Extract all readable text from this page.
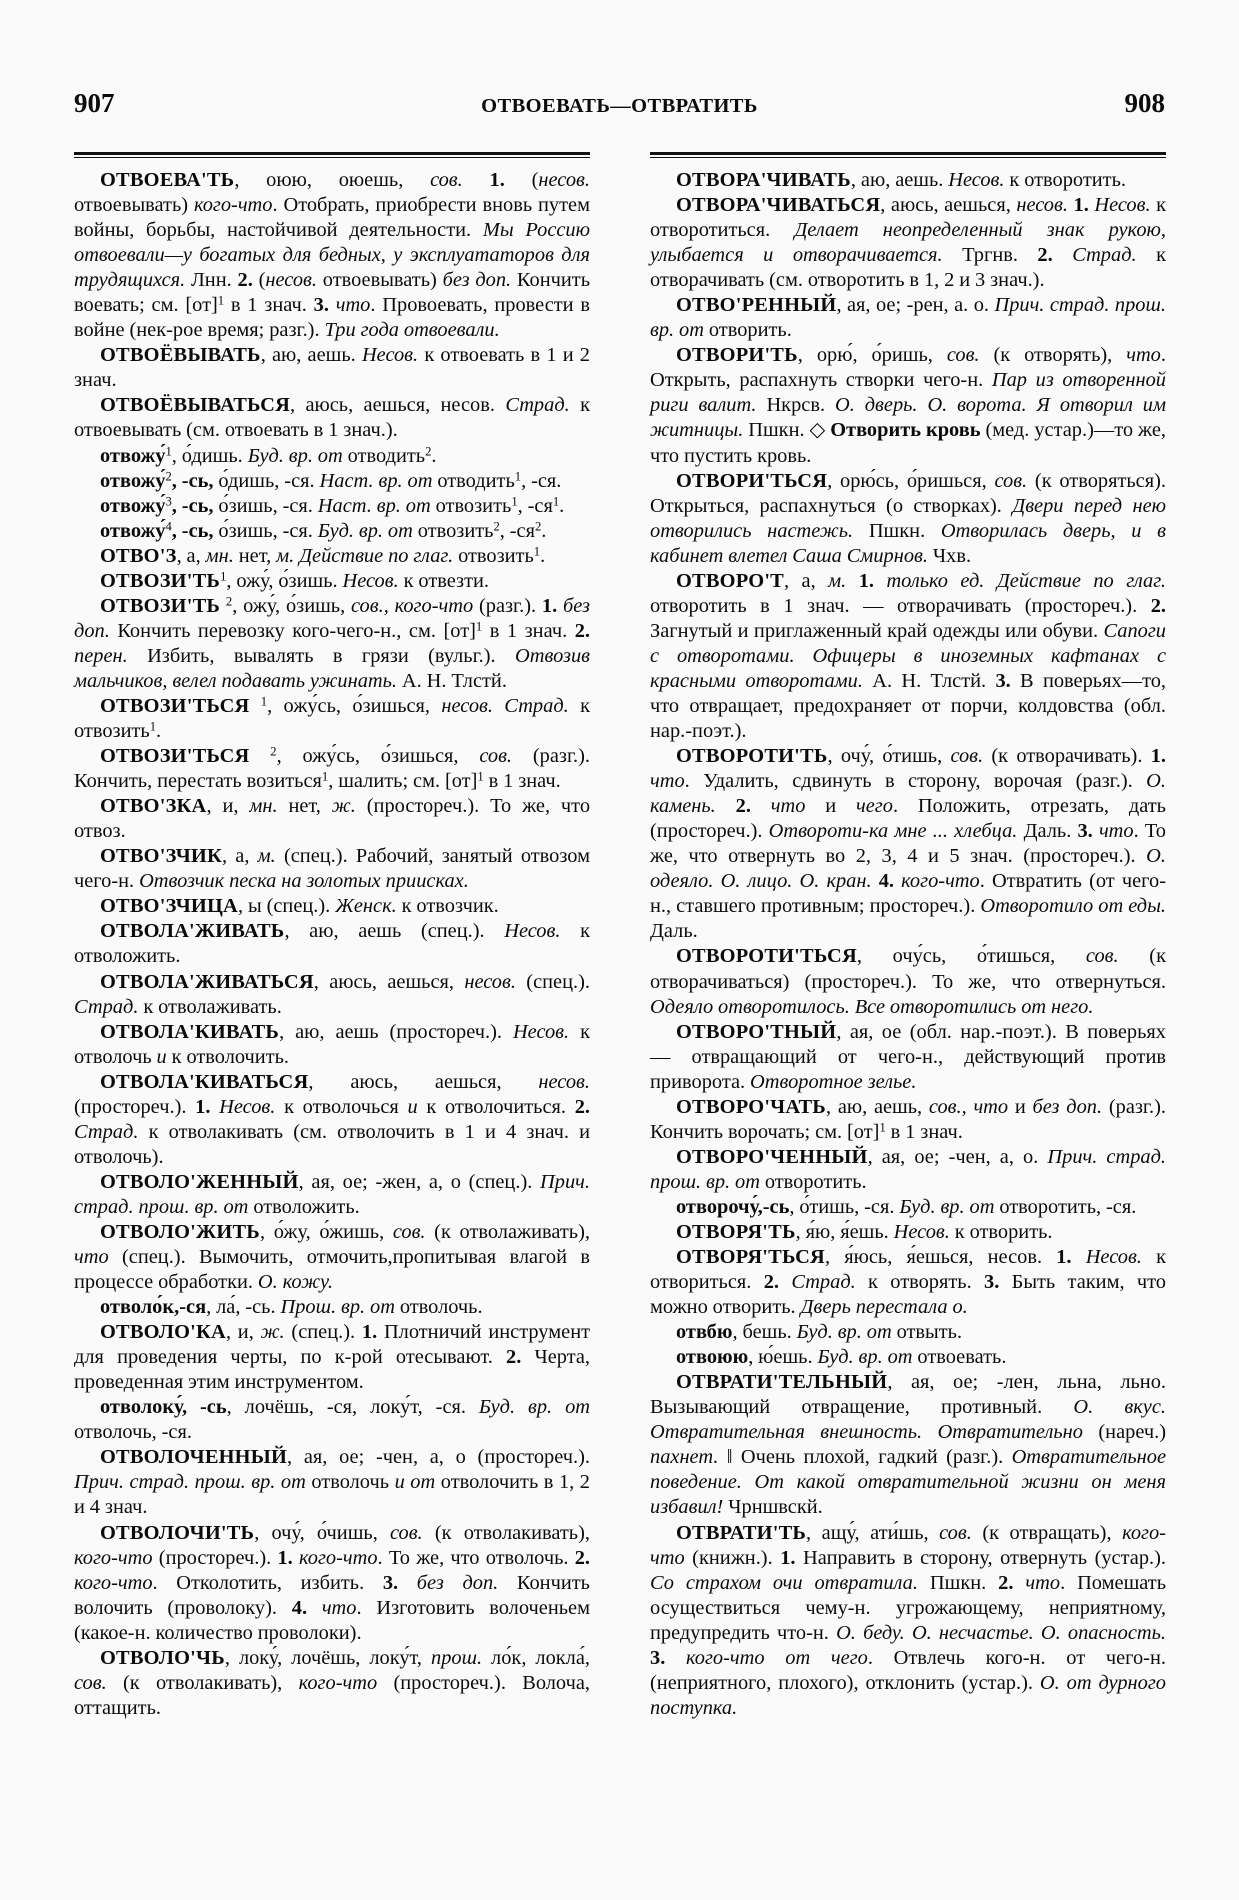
907	ОТВОЕВАТЬ—ОТВРАТИТЬ	908

ОТВОЕВА'ТЬ, оюю, оюешь, сов. 1. (несов. отвоевывать) кого-что. Отобрать, приобрести вновь путем войны, борьбы, настойчивой деятельности. Мы Россию отвоевали—у богатых для бедных, у эксплуататоров для трудящихся. Лнн. 2. (несов. отвоевывать) без доп. Кончить воевать; см. [от]$^1$ в 1 знач. 3. что. Провоевать, провести в войне (нек-рое время; разг.). Три года отвоевали.

ОТВОЁВЫВАТЬ, аю, аешь. Несов. к отвоевать в 1 и 2 знач.

ОТВОЁВЫВАТЬСЯ, аюсь, аешься, несов. Страд. к отвоевывать (см. отвоевать в 1 знач.).

отвожу́$^1$, о́дишь. Буд. вр. от отводить$^2$.

отвожу́$^2$, -сь, о́дишь, -ся. Наст. вр. от отводить$^1$, -ся.

отвожу́$^3$, -сь, о́зишь, -ся. Наст. вр. от отвозить$^1$, $-ся^1$.

отвожу́$^4$, -сь, о́зишь, -ся. Буд. вр. от отвозить$^2$, $-ся^2$.

ОТВО'З, а, мн. нет, м. Действие по глаг. отвозить$^1$.

$ОТВОЗИ'ТЬ^1$, ожу́, о́зишь. Несов. к отвезти.

ОТВОЗИ'ТЬ $^2$, ожу́, о́зишь, сов., кого-что (разг.). 1. без доп. Кончить перевозку кого-чего-н., см. [от]$^1$ в 1 знач. 2. перен. Избить, вывалять в грязи (вульг.). Отвозив мальчиков, велел подавать ужинать. А. Н. Тлстй.

ОТВОЗИ'ТЬСЯ $^1$, ожу́сь, о́зишься, несов. Страд. к отвозить$^1$.

ОТВОЗИ'ТЬСЯ $^2$, ожу́сь, о́зишься, сов. (разг.). Кончить, перестать возиться$^1$, шалить; см. [от]$^1$ в 1 знач.

ОТВО'ЗКА, и, мн. нет, ж. (простореч.). То же, что отвоз.

ОТВО'ЗЧИК, а, м. (спец.). Рабочий, занятый отвозом чего-н. Отвозчик песка на золотых приисках.

ОТВО'ЗЧИЦА, ы (спец.). Женск. к отвозчик.

ОТВОЛА'ЖИВАТЬ, аю, аешь (спец.). Несов. к отволожить.

ОТВОЛА'ЖИВАТЬСЯ, аюсь, аешься, несов. (спец.). Страд. к отволаживать.

ОТВОЛА'КИВАТЬ, аю, аешь (простореч.). Несов. к отволочь и к отволочить.

ОТВОЛА'КИВАТЬСЯ, аюсь, аешься, несов. (простореч.). 1. Несов. к отволочься и к отволочиться. 2. Страд. к отволакивать (см. отволочить в 1 и 4 знач. и отволочь).

ОТВОЛО'ЖЕННЫЙ, ая, ое; -жен, а, о (спец.). Прич. страд. прош. вр. от отволожить.

ОТВОЛО'ЖИТЬ, о́жу, о́жишь, сов. (к отволаживать), что (спец.). Вымочить, отмочить,пропитывая влагой в процессе обработки. О. кожу.

отволо́к,-ся, ла́, -сь. Прош. вр. от отволочь.

ОТВОЛО'КА, и, ж. (спец.). 1. Плотничий инструмент для проведения черты, по к-рой отесывают. 2. Черта, проведенная этим инструментом.

отволоку́, -сь, лочёшь, -ся, локу́т, -ся. Буд. вр. от отволочь, -ся.

ОТВОЛОЧЕННЫЙ, ая, ое; -чен, а, о (простореч.). Прич. страд. прош. вр. от отволочь и от отволочить в 1, 2 и 4 знач.

ОТВОЛОЧИ'ТЬ, очу́, о́чишь, сов. (к отволакивать), кого-что (простореч.). 1. кого-что. То же, что отволочь. 2. кого-что. Отколотить, избить. 3. без доп. Кончить волочить (проволоку). 4. что. Изготовить волоченьем (какое-н. количество проволоки).

ОТВОЛО'ЧЬ, локу́, лочёшь, локу́т, прош. ло́к, локла́, сов. (к отволакивать), кого-что (простореч.). Волоча, оттащить.

ОТВОРА'ЧИВАТЬ, аю, аешь. Несов. к отворотить.

ОТВОРА'ЧИВАТЬСЯ, аюсь, аешься, несов. 1. Несов. к отворотиться. Делает неопределенный знак рукою, улыбается и отворачивается. Тргнв. 2. Страд. к отворачивать (см. отворотить в 1, 2 и 3 знач.).

ОТВО'РЕННЫЙ, ая, ое; -рен, а. о. Прич. страд. прош. вр. от отворить.

ОТВОРИ'ТЬ, орю́, о́ришь, сов. (к отворять), что. Открыть, распахнуть створки чего-н. Пар из отворенной риги валит. Нкрсв. О. дверь. О. ворота. Я отворил им житницы. Пшкн. ◇ Отворить кровь (мед. устар.)—то же, что пустить кровь.

ОТВОРИ'ТЬСЯ, орю́сь, о́ришься, сов. (к отворяться). Открыться, распахнуться (о створках). Двери перед нею отворились настежь. Пшкн. Отворилась дверь, и в кабинет влетел Саша Смирнов. Чхв.

ОТВОРО'Т, а, м. 1. только ед. Действие по глаг. отворотить в 1 знач. — отворачивать (простореч.). 2. Загнутый и приглаженный край одежды или обуви. Сапоги с отворотами. Офицеры в иноземных кафтанах с красными отворотами. А. Н. Тлстй. 3. В поверьях—то, что отвращает, предохраняет от порчи, колдовства (обл. нар.-поэт.).

ОТВОРОТИ'ТЬ, очу́, о́тишь, сов. (к отворачивать). 1. что. Удалить, сдвинуть в сторону, ворочая (разг.). О. камень. 2. что и чего. Положить, отрезать, дать (простореч.). Отвороти-ка мне ... хлебца. Даль. 3. что. То же, что отвернуть во 2, 3, 4 и 5 знач. (простореч.). О. одеяло. О. лицо. О. кран. 4. кого-что. Отвратить (от чего-н., ставшего противным; простореч.). Отворотило от еды. Даль.

ОТВОРОТИ'ТЬСЯ, очу́сь, о́тишься, сов. (к отворачиваться) (простореч.). То же, что отвернуться. Одеяло отворотилось. Все отворотились от него.

ОТВОРО'ТНЫЙ, ая, ое (обл. нар.-поэт.). В поверьях — отвращающий от чего-н., действующий против приворота. Отворотное зелье.

ОТВОРО'ЧАТЬ, аю, аешь, сов., что и без доп. (разг.). Кончить ворочать; см. [от]$^1$ в 1 знач.

ОТВОРО'ЧЕННЫЙ, ая, ое; -чен, а, о. Прич. страд. прош. вр. от отворотить.

отворочу́,-сь, о́тишь, -ся. Буд. вр. от отворотить, -ся.

ОТВОРЯ'ТЬ, я́ю, я́ешь. Несов. к отворить.

ОТВОРЯ'ТЬСЯ, я́юсь, я́ешься, несов. 1. Несов. к отвориться. 2. Страд. к отворять. 3. Быть таким, что можно отворить. Дверь перестала о.

отвбю, бешь. Буд. вр. от отвыть.

отвоюю, ю́ешь. Буд. вр. от отвоевать.

ОТВРАТИ'ТЕЛЬНЫЙ, ая, ое; -лен, льна, льно. Вызывающий отвращение, противный. О. вкус. Отвратительная внешность. Отвратительно (нареч.) пахнет. ‖ Очень плохой, гадкий (разг.). Отвратительное поведение. От какой отвратительной жизни он меня избавил! Чрншвскй.

ОТВРАТИ'ТЬ, ащу́, ати́шь, сов. (к отвращать), кого-что (книжн.). 1. Направить в сторону, отвернуть (устар.). Со страхом очи отвратила. Пшкн. 2. что. Помешать осуществиться чему-н. угрожающему, неприятному, предупредить что-н. О. беду. О. несчастье. О. опасность. 3. кого-что от чего. Отвлечь кого-н. от чего-н. (неприятного, плохого), отклонить (устар.). О. от дурного поступка.
